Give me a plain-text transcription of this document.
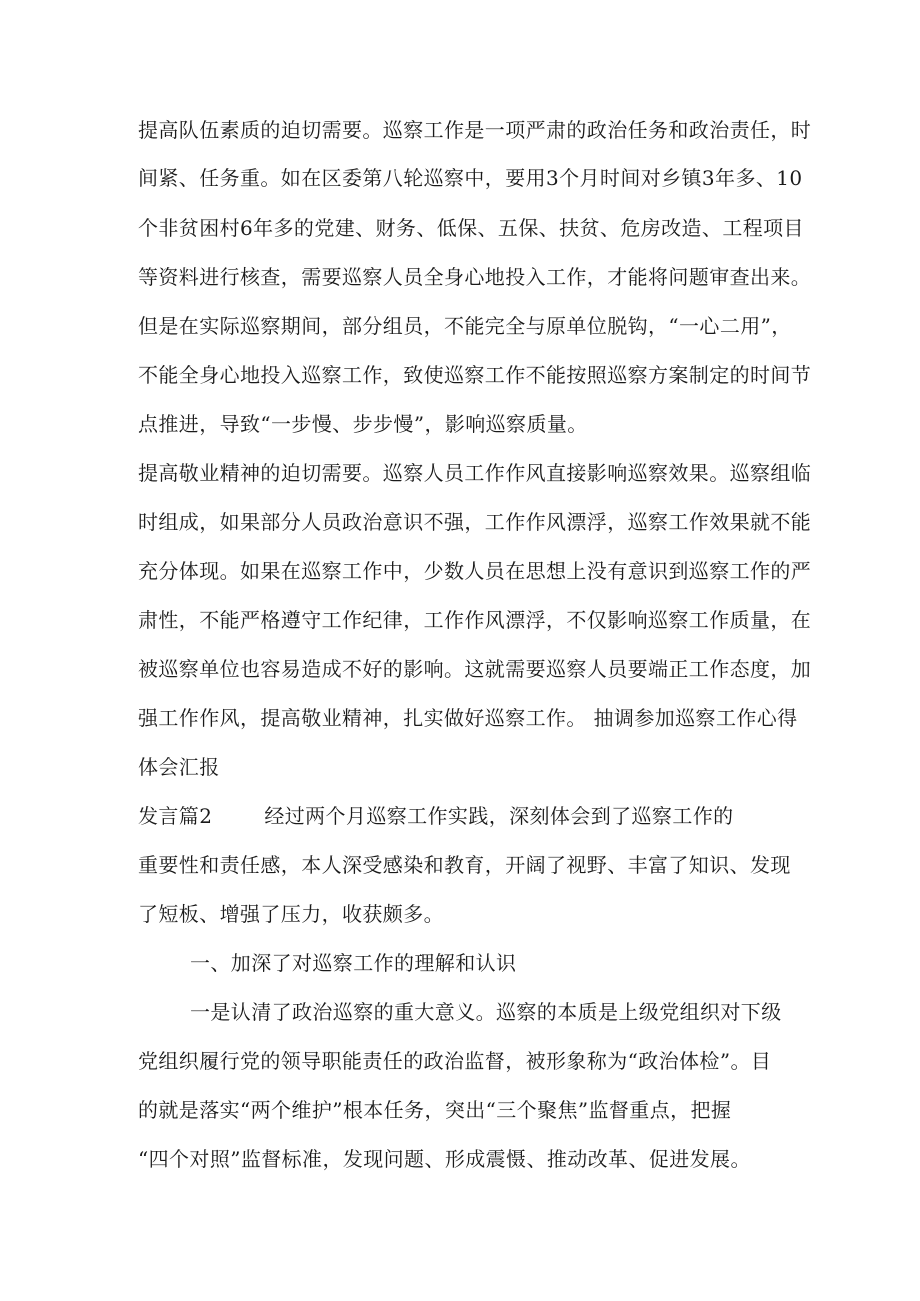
提高队伍素质的迫切需要。巡察工作是一项严肃的政治任务和政治责任，时
间紧、任务重。如在区委第八轮巡察中，要用3个月时间对乡镇3年多、10
个非贫困村6年多的党建、财务、低保、五保、扶贫、危房改造、工程项目
等资料进行核查，需要巡察人员全身心地投入工作，才能将问题审查出来。
但是在实际巡察期间，部分组员，不能完全与原单位脱钩，“一心二用”，
不能全身心地投入巡察工作，致使巡察工作不能按照巡察方案制定的时间节
点推进，导致“一步慢、步步慢”，影响巡察质量。
提高敬业精神的迫切需要。巡察人员工作作风直接影响巡察效果。巡察组临
时组成，如果部分人员政治意识不强，工作作风漂浮，巡察工作效果就不能
充分体现。如果在巡察工作中，少数人员在思想上没有意识到巡察工作的严
肃性，不能严格遵守工作纪律，工作作风漂浮，不仅影响巡察工作质量，在
被巡察单位也容易造成不好的影响。这就需要巡察人员要端正工作态度，加
强工作作风，提高敬业精神，扎实做好巡察工作。 抽调参加巡察工作心得
体会汇报
发言篇2	经过两个月巡察工作实践，深刻体会到了巡察工作的
重要性和责任感，本人深受感染和教育，开阔了视野、丰富了知识、发现
了短板、增强了压力，收获颇多。
一、加深了对巡察工作的理解和认识
一是认清了政治巡察的重大意义。巡察的本质是上级党组织对下级
党组织履行党的领导职能责任的政治监督，被形象称为“政治体检”。目
的就是落实“两个维护”根本任务，突出“三个聚焦”监督重点，把握
“四个对照”监督标准，发现问题、形成震慑、推动改革、促进发展。
